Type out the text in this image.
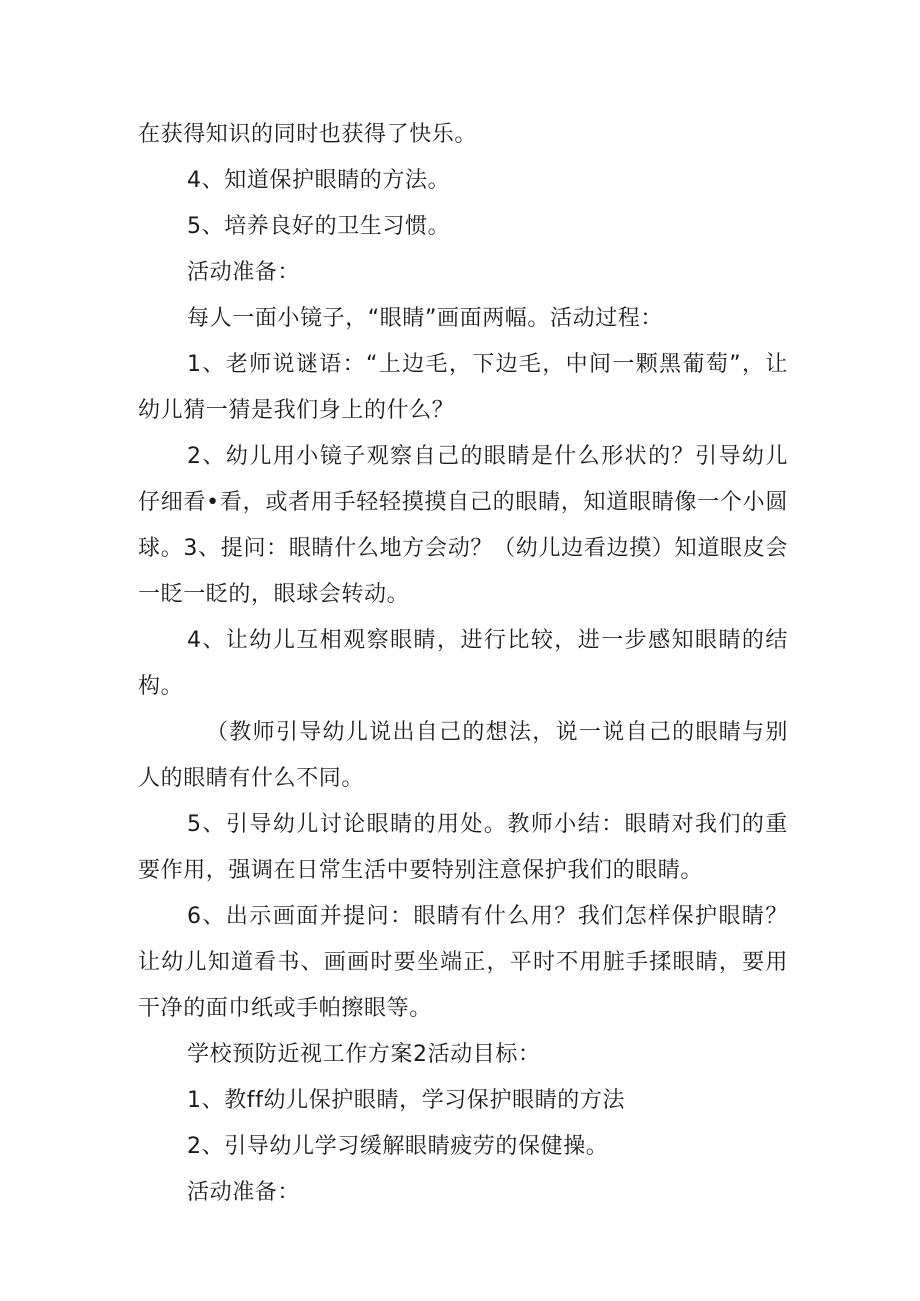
在获得知识的同时也获得了快乐。

4、知道保护眼睛的方法。

5、培养良好的卫生习惯。

活动准备：

每人一面小镜子，“眼睛”画面两幅。活动过程：

1、老师说谜语：“上边毛，下边毛，中间一颗黑葡萄”，让幼儿猜一猜是我们身上的什么？

2、幼儿用小镜子观察自己的眼睛是什么形状的？引导幼儿仔细看•看，或者用手轻轻摸摸自己的眼睛，知道眼睛像一个小圆球。3、提问：眼睛什么地方会动？（幼儿边看边摸）知道眼皮会一眨一眨的，眼球会转动。

4、让幼儿互相观察眼睛，进行比较，进一步感知眼睛的结构。

（教师引导幼儿说出自己的想法，说一说自己的眼睛与别人的眼睛有什么不同。

5、引导幼儿讨论眼睛的用处。教师小结：眼睛对我们的重要作用，强调在日常生活中要特别注意保护我们的眼睛。

6、出示画面并提问：眼睛有什么用？我们怎样保护眼睛？让幼儿知道看书、画画时要坐端正，平时不用脏手揉眼睛，要用干净的面巾纸或手帕擦眼等。

学校预防近视工作方案2活动目标：

1、教ff幼儿保护眼睛，学习保护眼睛的方法

2、引导幼儿学习缓解眼睛疲劳的保健操。

活动准备：
